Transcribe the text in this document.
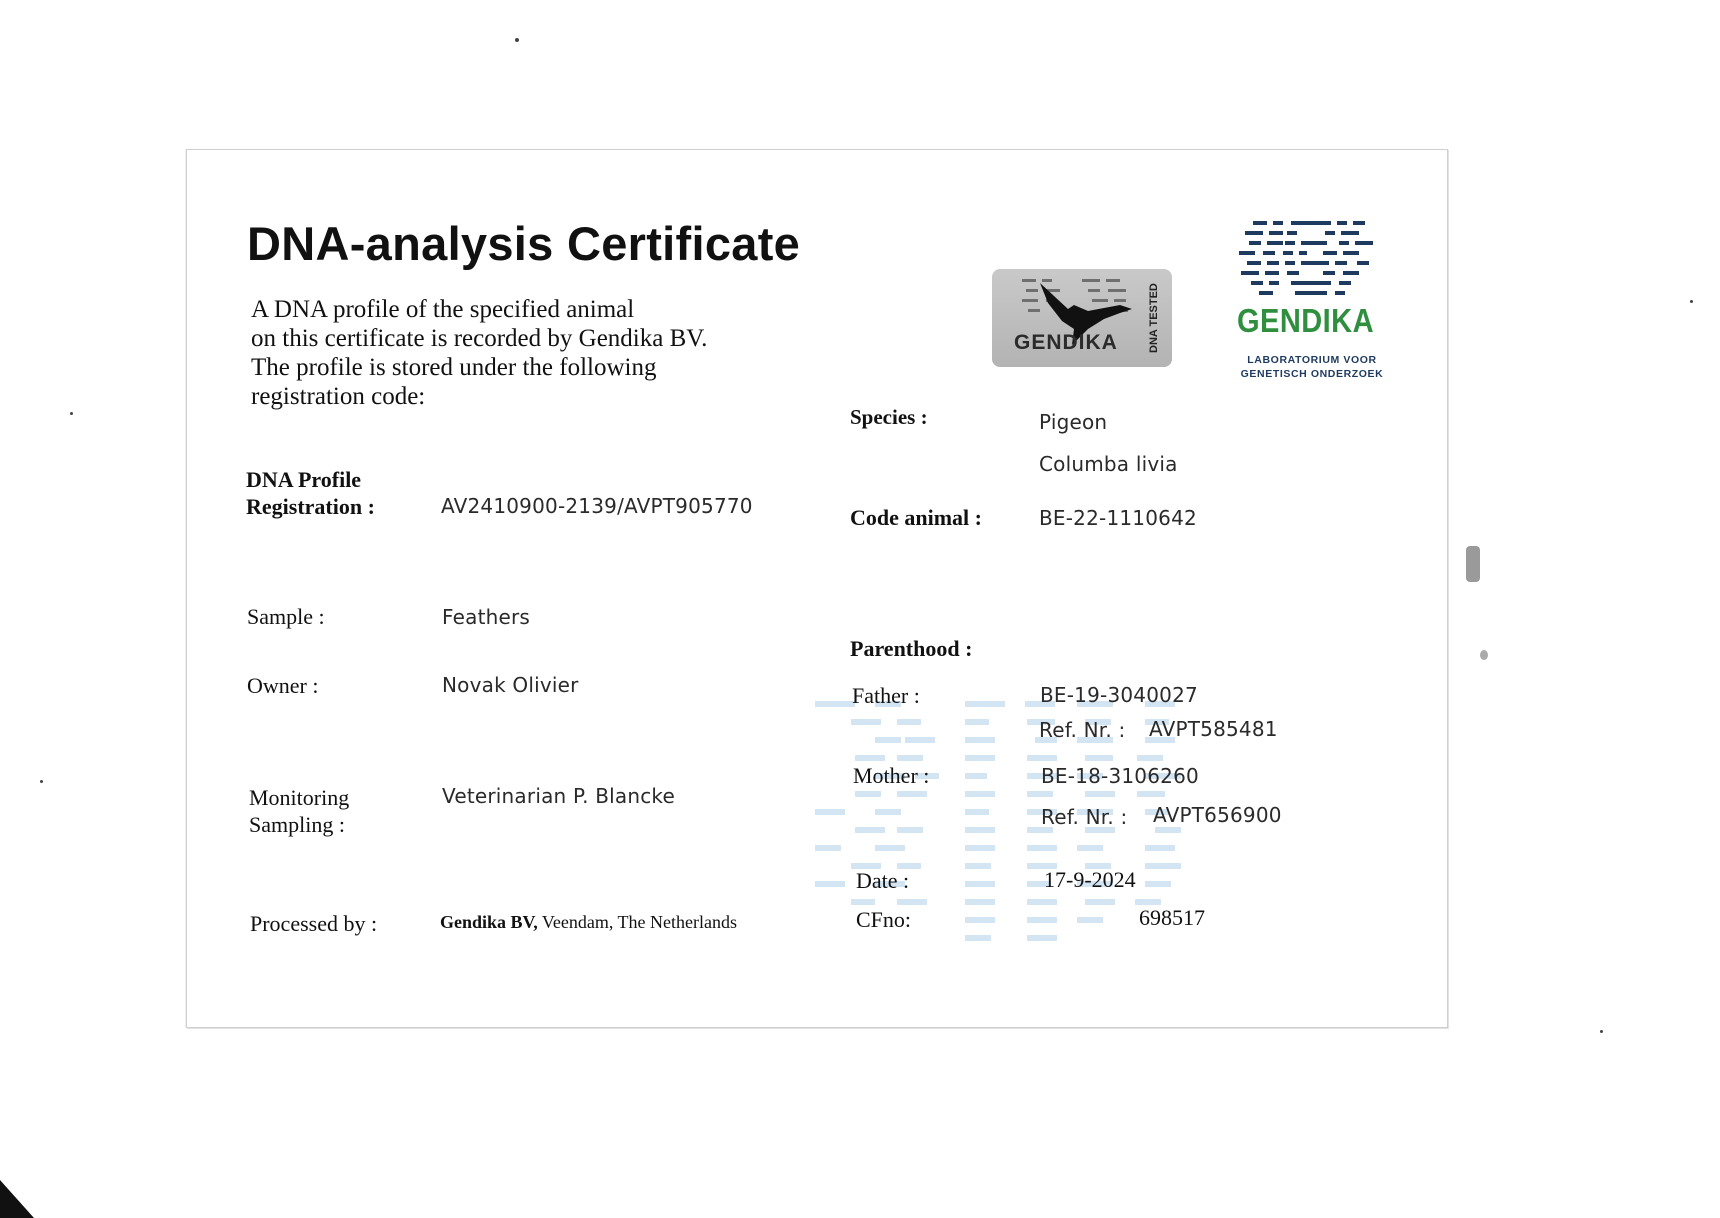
DNA-analysis Certificate
A DNA profile of the specified animal
on this certificate is recorded by Gendika BV.
The profile is stored under the following
registration code:
GENDIKA	DNA TESTED GENDIKA
LABORATORIUM VOOR
GENETISCH ONDERZOEK
DNA Profile
Registration :	AV2410900-2139/AVPT905770
Sample :	Feathers
Owner :	Novak Olivier
Monitoring
Sampling :
Veterinarian P. Blancke
Processed by :	Gendika BV, Veendam, The Netherlands
Species :	Pigeon
Columba livia
Code animal :	BE-22-1110642
Parenthood :
Father :	BE-19-3040027
Ref. Nr. : AVPT585481
Mother :	BE-18-3106260
Ref. Nr. : AVPT656900
Date :	17-9-2024
CFno:	698517
